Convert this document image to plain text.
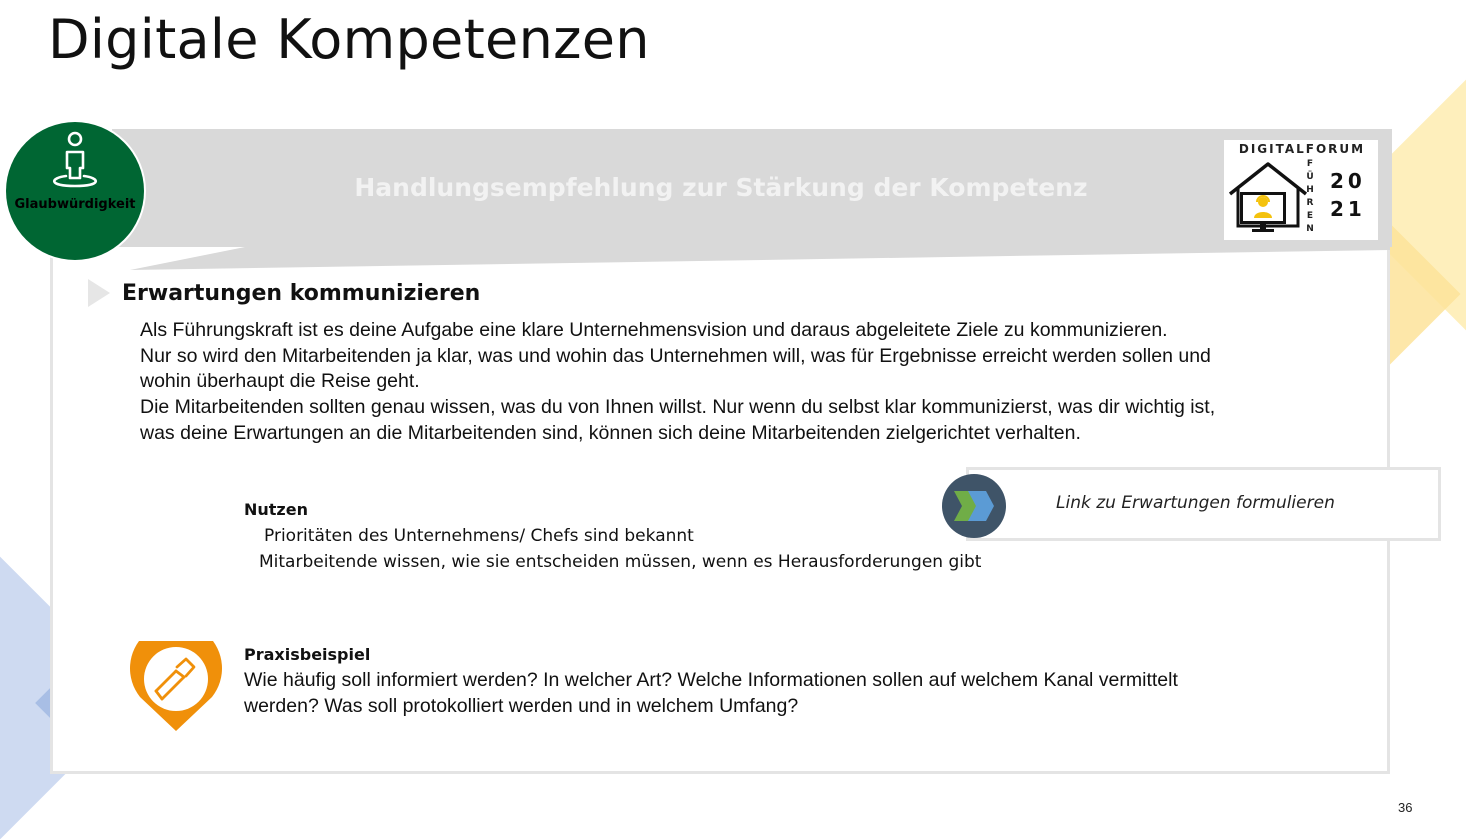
Handlungsempfehlung zur Stärkung der Kompetenz
Digitale Kompetenzen
Glaubwürdigkeit
DIGITALFORUM
F
Ü
H
R
E
N
20
21
Erwartungen kommunizieren
Als Führungskraft ist es deine Aufgabe eine klare Unternehmensvision und daraus abgeleitete Ziele zu kommunizieren.
Nur so wird den Mitarbeitenden ja klar, was und wohin das Unternehmen will, was für Ergebnisse erreicht werden sollen und
wohin überhaupt die Reise geht.
Die Mitarbeitenden sollten genau wissen, was du von Ihnen willst. Nur wenn du selbst klar kommunizierst, was dir wichtig ist,
was deine Erwartungen an die Mitarbeitenden sind, können sich deine Mitarbeitenden zielgerichtet verhalten.
Nutzen
Prioritäten des Unternehmens/ Chefs sind bekannt
Mitarbeitende wissen, wie sie entscheiden müssen, wenn es Herausforderungen gibt
Link zu Erwartungen formulieren
Praxisbeispiel
Wie häufig soll informiert werden? In welcher Art? Welche Informationen sollen auf welchem Kanal vermittelt
werden? Was soll protokolliert werden und in welchem Umfang?
36
